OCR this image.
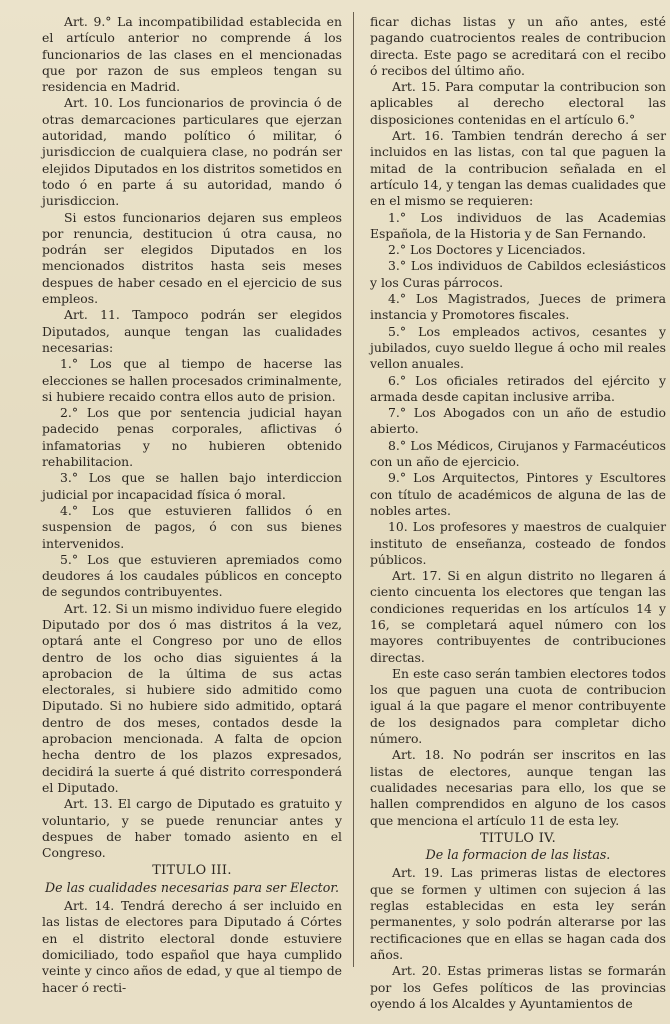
Art. 9.° La incompatibilidad establecida en el artículo anterior no comprende á los funcionarios de las clases en el mencionadas que por razon de sus empleos tengan su residencia en Madrid.

Art. 10. Los funcionarios de provincia ó de otras demarcaciones particulares que ejerzan autoridad, mando político ó militar, ó jurisdiccion de cualquiera clase, no podrán ser elejidos Diputados en los distritos sometidos en todo ó en parte á su autoridad, mando ó jurisdiccion.

Si estos funcionarios dejaren sus empleos por renuncia, destitucion ú otra causa, no podrán ser elegidos Diputados en los mencionados distritos hasta seis meses despues de haber cesado en el ejercicio de sus empleos.

Art. 11. Tampoco podrán ser elegidos Diputados, aunque tengan las cualidades necesarias:

1.° Los que al tiempo de hacerse las elecciones se hallen procesados criminalmente, si hubiere recaido contra ellos auto de prision.

2.° Los que por sentencia judicial hayan padecido penas corporales, aflictivas ó infamatorias y no hubieren obtenido rehabilitacion.

3.° Los que se hallen bajo interdiccion judicial por incapacidad física ó moral.

4.° Los que estuvieren fallidos ó en suspension de pagos, ó con sus bienes intervenidos.

5.° Los que estuvieren apremiados como deudores á los caudales públicos en concepto de segundos contribuyentes.

Art. 12. Si un mismo individuo fuere elegido Diputado por dos ó mas distritos á la vez, optará ante el Congreso por uno de ellos dentro de los ocho dias siguientes á la aprobacion de la última de sus actas electorales, si hubiere sido admitido como Diputado. Si no hubiere sido admitido, optará dentro de dos meses, contados desde la aprobacion mencionada. A falta de opcion hecha dentro de los plazos expresados, decidirá la suerte á qué distrito corresponderá el Diputado.

Art. 13. El cargo de Diputado es gratuito y voluntario, y se puede renunciar antes y despues de haber tomado asiento en el Congreso.

TITULO III.

De las cualidades necesarias para ser Elector.

Art. 14. Tendrá derecho á ser incluido en las listas de electores para Diputado á Córtes en el distrito electoral donde estuviere domiciliado, todo español que haya cumplido veinte y cinco años de edad, y que al tiempo de hacer ó recti-

ficar dichas listas y un año antes, esté pagando cuatrocientos reales de contribucion directa. Este pago se acreditará con el recibo ó recibos del último año.

Art. 15. Para computar la contribucion son aplicables al derecho electoral las disposiciones contenidas en el artículo 6.°

Art. 16. Tambien tendrán derecho á ser incluidos en las listas, con tal que paguen la mitad de la contribucion señalada en el artículo 14, y tengan las demas cualidades que en el mismo se requieren:

1.° Los individuos de las Academias Española, de la Historia y de San Fernando.

2.° Los Doctores y Licenciados.

3.° Los individuos de Cabildos eclesiásticos y los Curas párrocos.

4.° Los Magistrados, Jueces de primera instancia y Promotores fiscales.

5.° Los empleados activos, cesantes y jubilados, cuyo sueldo llegue á ocho mil reales vellon anuales.

6.° Los oficiales retirados del ejército y armada desde capitan inclusive arriba.

7.° Los Abogados con un año de estudio abierto.

8.° Los Médicos, Cirujanos y Farmacéuticos con un año de ejercicio.

9.° Los Arquitectos, Pintores y Escultores con título de académicos de alguna de las de nobles artes.

10. Los profesores y maestros de cualquier instituto de enseñanza, costeado de fondos públicos.

Art. 17. Si en algun distrito no llegaren á ciento cincuenta los electores que tengan las condiciones requeridas en los artículos 14 y 16, se completará aquel número con los mayores contribuyentes de contribuciones directas.

En este caso serán tambien electores todos los que paguen una cuota de contribucion igual á la que pagare el menor contribuyente de los designados para completar dicho número.

Art. 18. No podrán ser inscritos en las listas de electores, aunque tengan las cualidades necesarias para ello, los que se hallen comprendidos en alguno de los casos que menciona el artículo 11 de esta ley.

TITULO IV.

De la formacion de las listas.

Art. 19. Las primeras listas de electores que se formen y ultimen con sujecion á las reglas establecidas en esta ley serán permanentes, y solo podrán alterarse por las rectificaciones que en ellas se hagan cada dos años.

Art. 20. Estas primeras listas se formarán por los Gefes políticos de las provincias oyendo á los Alcaldes y Ayuntamientos de
